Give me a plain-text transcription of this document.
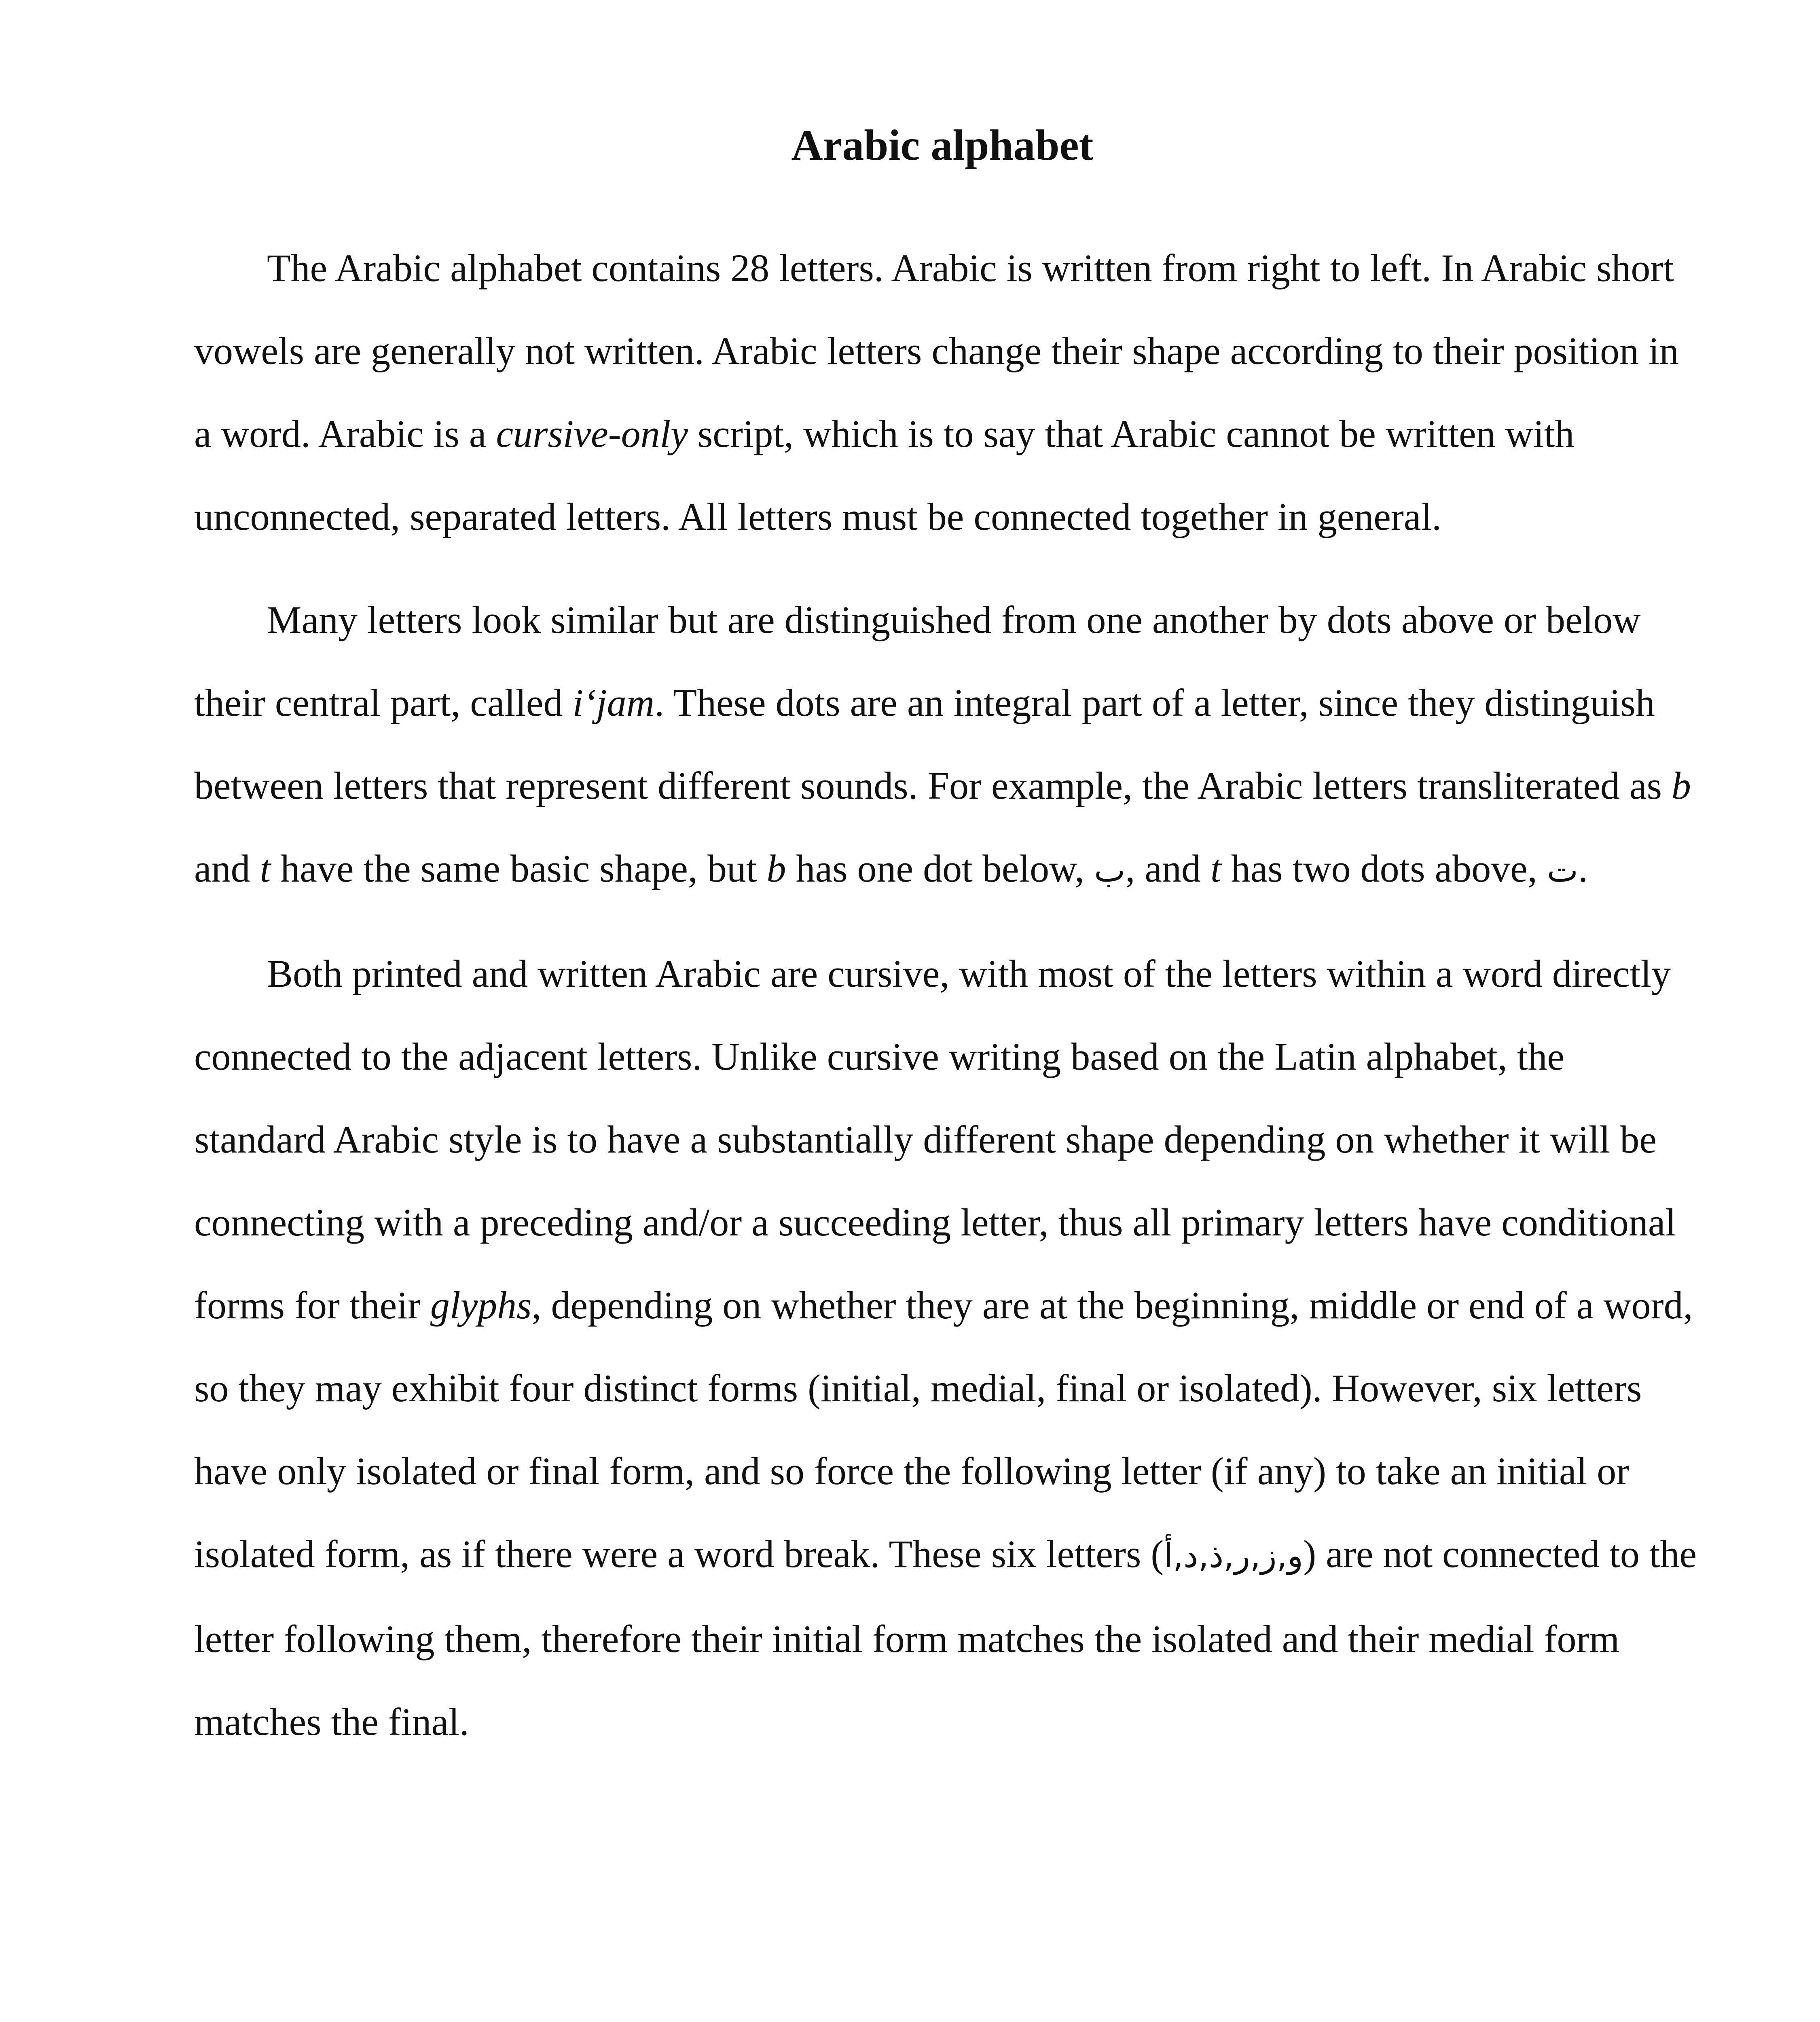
Arabic alphabet

The Arabic alphabet contains 28 letters. Arabic is written from right to left. In Arabic short vowels are generally not written. Arabic letters change their shape according to their position in a word. Arabic is a cursive-only script, which is to say that Arabic cannot be written with unconnected, separated letters. All letters must be connected together in general.

Many letters look similar but are distinguished from one another by dots above or below their central part, called i‘jam. These dots are an integral part of a letter, since they distinguish between letters that represent different sounds. For example, the Arabic letters transliterated as b and t have the same basic shape, but b has one dot below, ب, and t has two dots above, ت.

Both printed and written Arabic are cursive, with most of the letters within a word directly connected to the adjacent letters. Unlike cursive writing based on the Latin alphabet, the standard Arabic style is to have a substantially different shape depending on whether it will be connecting with a preceding and/or a succeeding letter, thus all primary letters have conditional forms for their glyphs, depending on whether they are at the beginning, middle or end of a word, so they may exhibit four distinct forms (initial, medial, final or isolated). However, six letters have only isolated or final form, and so force the following letter (if any) to take an initial or isolated form, as if there were a word break. These six letters (و,ز,ر,ذ,د,أ) are not connected to the letter following them, therefore their initial form matches the isolated and their medial form matches the final.
